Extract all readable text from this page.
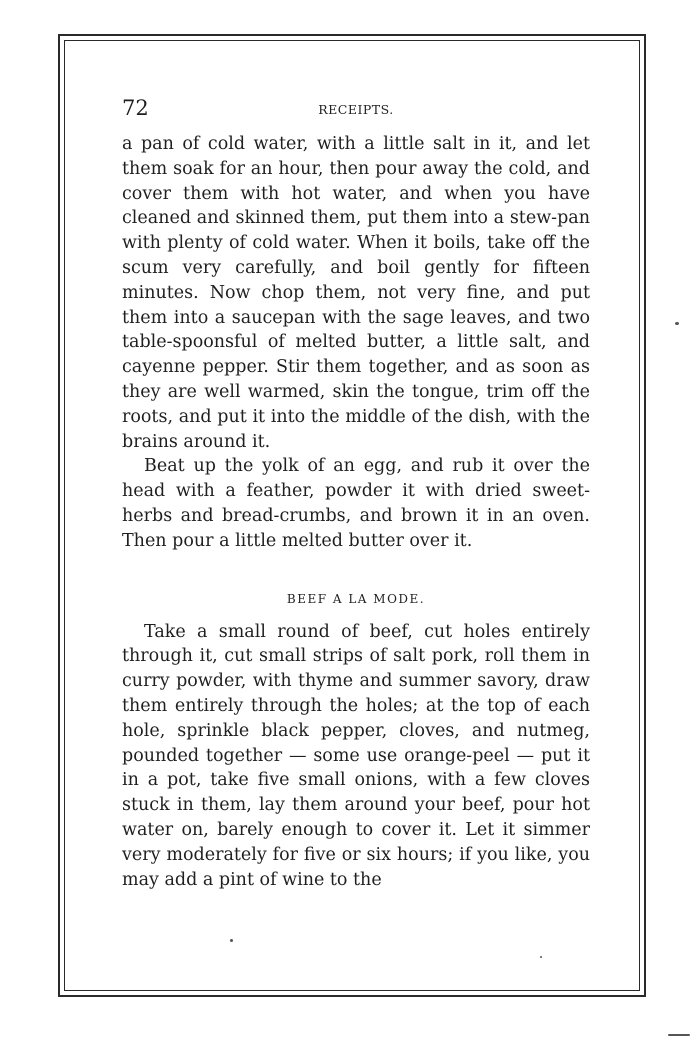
72	RECEIPTS.

a pan of cold water, with a little salt in it, and let them soak for an hour, then pour away the cold, and cover them with hot water, and when you have cleaned and skinned them, put them into a stew-pan with plenty of cold water. When it boils, take off the scum very carefully, and boil gently for fifteen minutes. Now chop them, not very fine, and put them into a saucepan with the sage leaves, and two table-spoonsful of melted butter, a little salt, and cayenne pepper. Stir them together, and as soon as they are well warmed, skin the tongue, trim off the roots, and put it into the middle of the dish, with the brains around it.

Beat up the yolk of an egg, and rub it over the head with a feather, powder it with dried sweet-herbs and bread-crumbs, and brown it in an oven. Then pour a little melted butter over it.

BEEF A LA MODE.

Take a small round of beef, cut holes entirely through it, cut small strips of salt pork, roll them in curry powder, with thyme and summer savory, draw them entirely through the holes; at the top of each hole, sprinkle black pepper, cloves, and nutmeg, pounded together — some use orange-peel — put it in a pot, take five small onions, with a few cloves stuck in them, lay them around your beef, pour hot water on, barely enough to cover it. Let it simmer very moderately for five or six hours; if you like, you may add a pint of wine to the
